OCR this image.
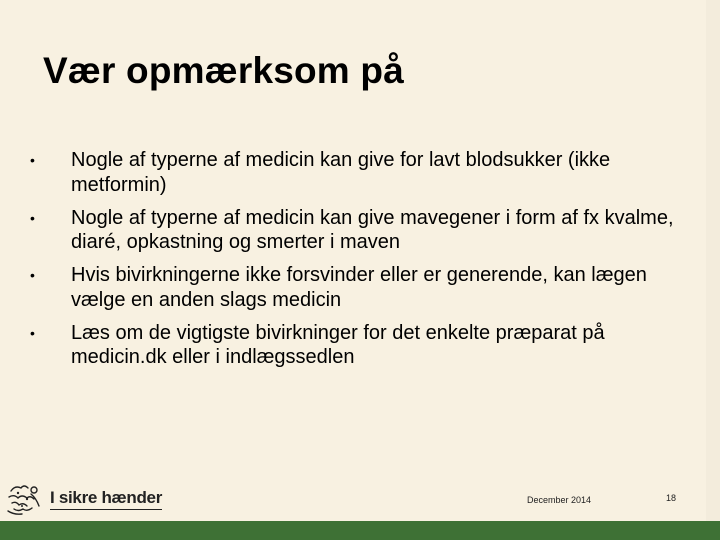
Vær opmærksom på
• Nogle af typerne af medicin kan give for lavt blodsukker (ikke metformin)
• Nogle af typerne af medicin kan give mavegener i form af fx kvalme, diaré, opkastning og smerter i maven
• Hvis bivirkningerne ikke forsvinder eller er generende, kan lægen vælge en anden slags medicin
• Læs om de vigtigste bivirkninger for det enkelte præparat på medicin.dk eller i indlægssedlen
I sikre hænder	December 2014	18
